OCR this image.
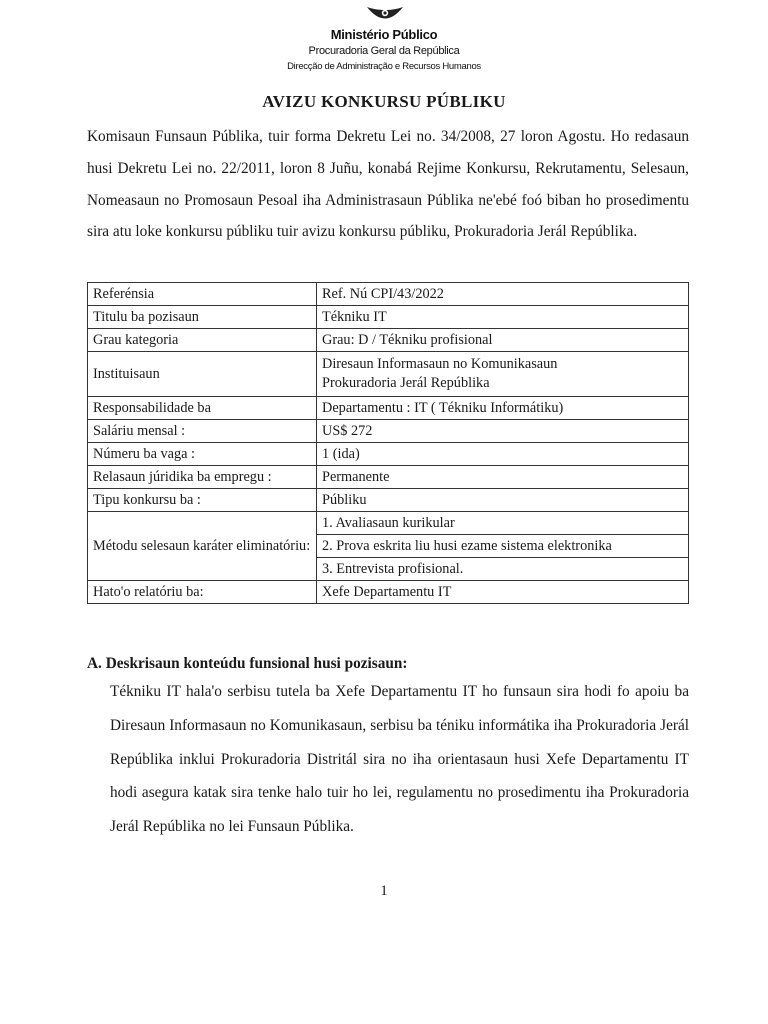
Ministério Público
Procuradoria Geral da República
Direcção de Administração e Recursos Humanos
AVIZU KONKURSU PÚBLIKU

Komisaun Funsaun Públika, tuir forma Dekretu Lei no. 34/2008, 27 loron Agostu. Ho redasaun husi Dekretu Lei no. 22/2011, loron 8 Juñu, konabá Rejime Konkursu, Rekrutamentu, Selesaun, Nomeasaun no Promosaun Pesoal iha Administrasaun Públika ne'ebé foó biban ho prosedimentu sira atu loke konkursu públiku tuir avizu konkursu públiku, Prokuradoria Jerál Repúblika.

Referénsia	Ref. Nú CPI/43/2022
Titulu ba pozisaun	Tékniku IT
Grau kategoria	Grau: D / Tékniku profisional
Instituisaun	Diresaun Informasaun no Komunikasaun
Prokuradoria Jerál Repúblika

Responsabilidade ba	Departamentu : IT ( Tékniku Informátiku)
Saláriu mensal :	US$ 272
Númeru ba vaga :	1 (ida)
Relasaun júridika ba empregu :	Permanente
Tipu konkursu ba :	Públiku
Métodu selesaun karáter eliminatóriu:	1. Avaliasaun kurikular
	2. Prova eskrita liu husi ezame sistema elektronika
	3. Entrevista profisional.
Hato'o relatóriu ba:	Xefe Departamentu IT

A. Deskrisaun konteúdu funsional husi pozisaun:

Tékniku IT hala'o serbisu tutela ba Xefe Departamentu IT ho funsaun sira hodi fo apoiu ba Diresaun Informasaun no Komunikasaun, serbisu ba téniku informátika iha Prokuradoria Jerál Repúblika inklui Prokuradoria Distritál sira no iha orientasaun husi Xefe Departamentu IT hodi asegura katak sira tenke halo tuir ho lei, regulamentu no prosedimentu iha Prokuradoria Jerál Repúblika no lei Funsaun Públika.

1
